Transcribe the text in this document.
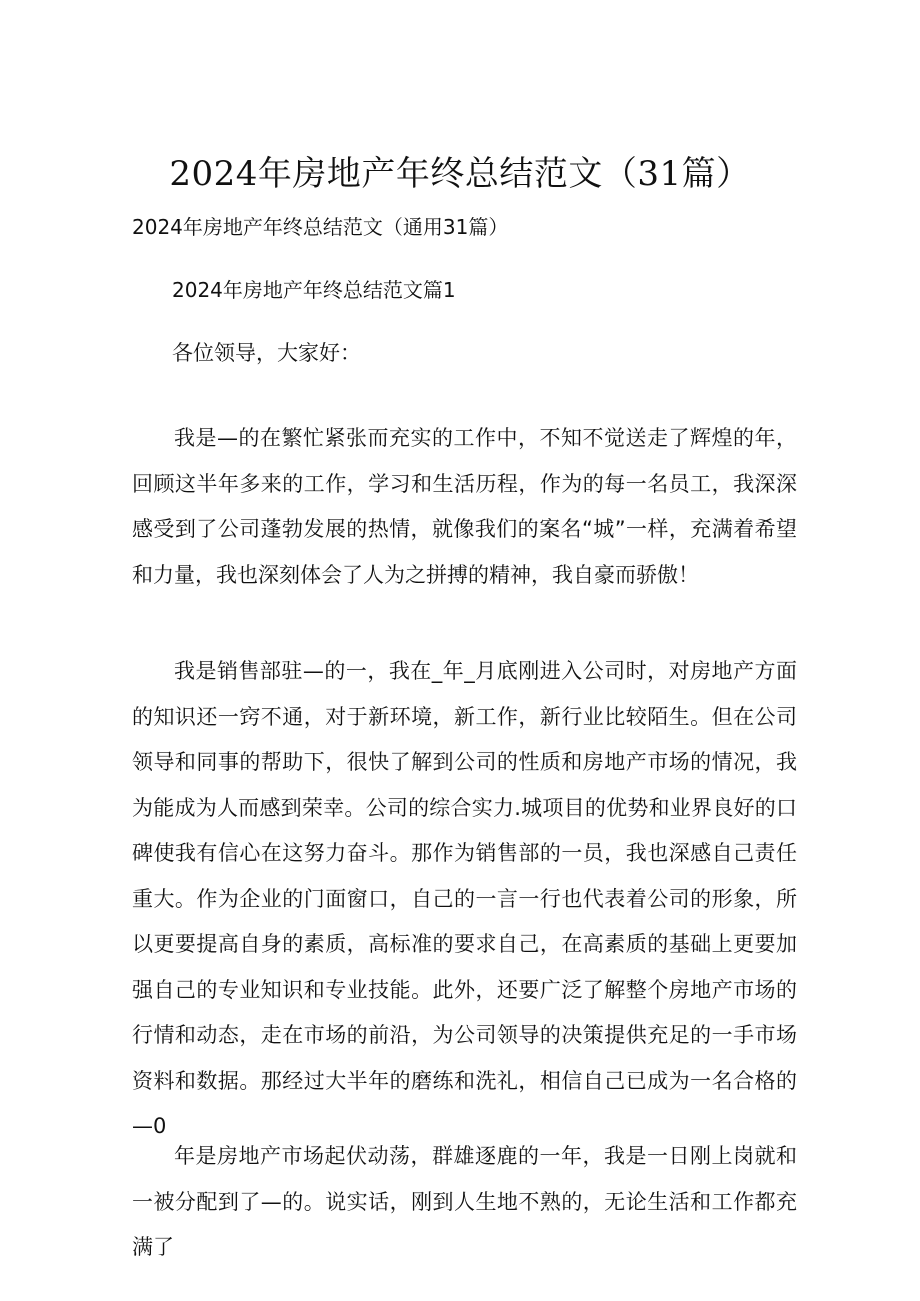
2024年房地产年终总结范文（31篇）
2024年房地产年终总结范文（通用31篇）
2024年房地产年终总结范文篇1
各位领导，大家好：

我是—的在繁忙紧张而充实的工作中，不知不觉送走了辉煌的年，回顾这半年多来的工作，学习和生活历程，作为的每一名员工，我深深感受到了公司蓬勃发展的热情，就像我们的案名“城”一样，充满着希望和力量，我也深刻体会了人为之拼搏的精神，我自豪而骄傲！

我是销售部驻—的一，我在_年_月底刚进入公司时，对房地产方面的知识还一窍不通，对于新环境，新工作，新行业比较陌生。但在公司领导和同事的帮助下，很快了解到公司的性质和房地产市场的情况，我为能成为人而感到荣幸。公司的综合实力.城项目的优势和业界良好的口碑使我有信心在这努力奋斗。那作为销售部的一员，我也深感自己责任重大。作为企业的门面窗口，自己的一言一行也代表着公司的形象，所以更要提高自身的素质，高标准的要求自己，在高素质的基础上更要加强自己的专业知识和专业技能。此外，还要广泛了解整个房地产市场的行情和动态，走在市场的前沿，为公司领导的决策提供充足的一手市场资料和数据。那经过大半年的磨练和洗礼，相信自己已成为一名合格的—0

年是房地产市场起伏动荡，群雄逐鹿的一年，我是一日刚上岗就和一被分配到了—的。说实话，刚到人生地不熟的，无论生活和工作都充满了
